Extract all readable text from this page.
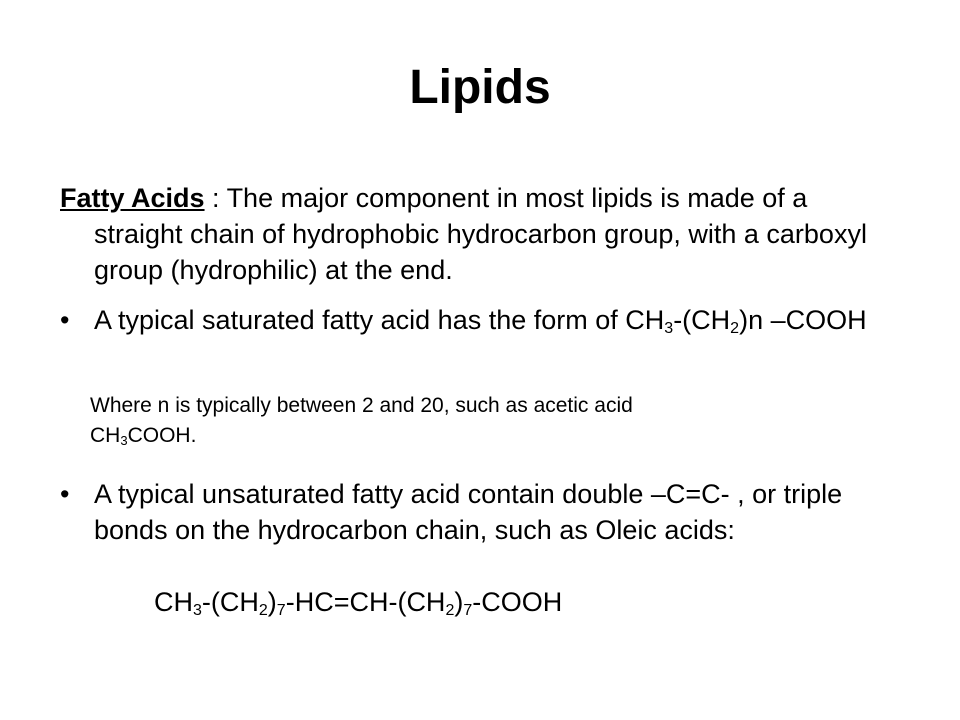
Lipids
Fatty Acids : The major component in most lipids is made of a straight chain of hydrophobic hydrocarbon group, with a carboxyl group (hydrophilic) at the end.
• A typical saturated fatty acid has the form of $CH_3-(CH_2)n$ –COOH
Where n is typically between 2 and 20, such as acetic acid
$CH_3COOH$.
• A typical unsaturated fatty acid contain double –C=C- , or triple bonds on the hydrocarbon chain, such as Oleic acids:
$CH_3-(CH_2)_7-HC=CH-(CH_2)_7$-COOH
